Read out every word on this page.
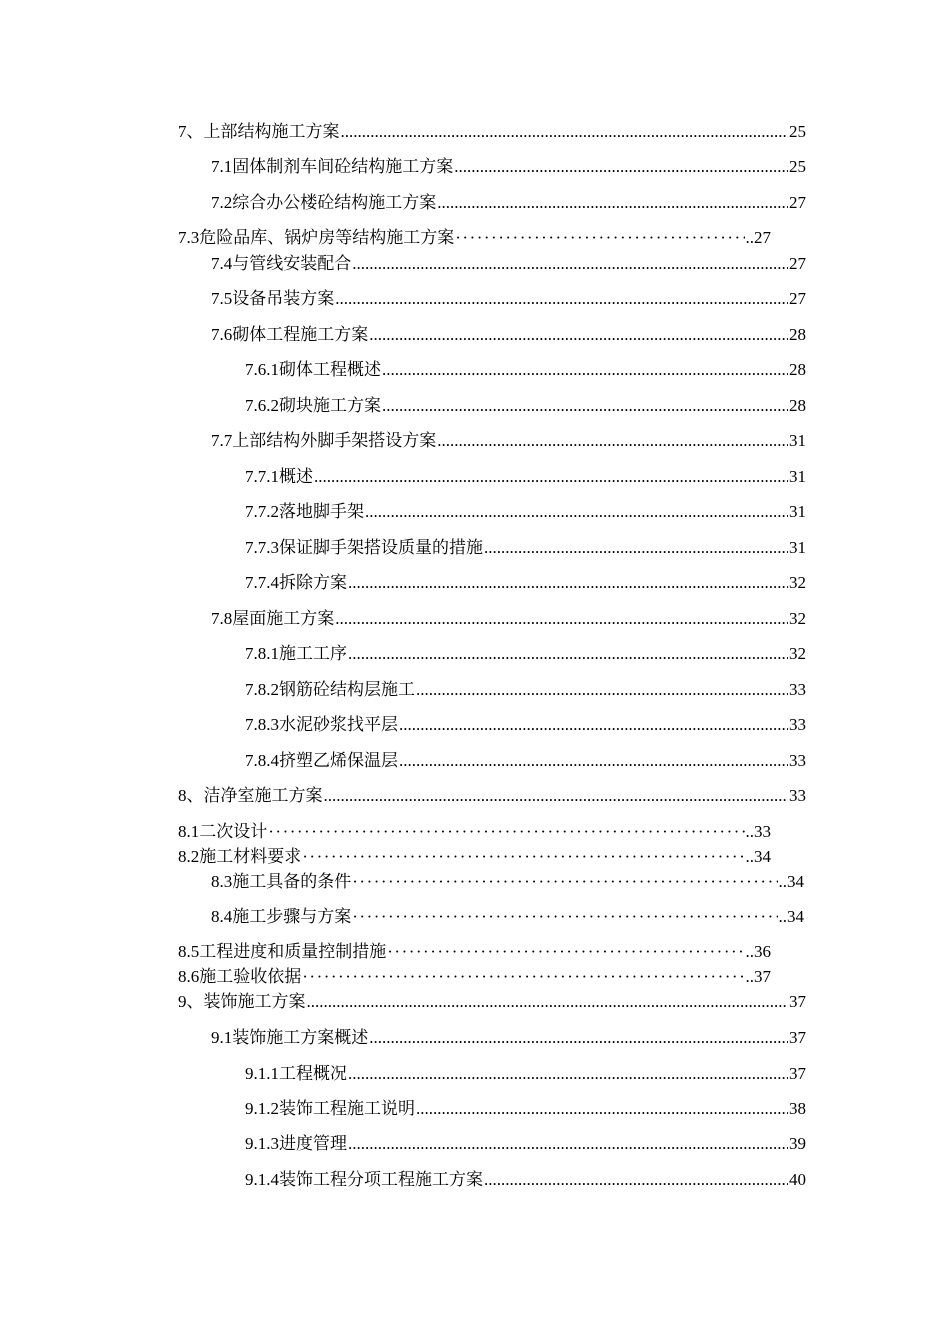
7、 上部结构施工方案 .....	25
7.1 固体制剂车间砼结构施工方案 .....	25
7.2 综合办公楼砼结构施工方案 .....	27
7.3 危险品库、锅炉房等结构施工方案 ·····	..27
7.4 与管线安装配合 .....	27
7.5 设备吊装方案 .....	27
7.6 砌体工程施工方案 .....	28
7.6.1 砌体工程概述 .....	28
7.6.2 砌块施工方案 .....	28
7.7 上部结构外脚手架搭设方案 .....	31
7.7.1 概述 .....	31
7.7.2 落地脚手架 .....	31
7.7.3 保证脚手架搭设质量的措施 .....	31
7.7.4 拆除方案 .....	32
7.8 屋面施工方案 .....	32
7.8.1 施工工序 .....	32
7.8.2 钢筋砼结构层施工 .....	33
7.8.3 水泥砂浆找平层 .....	33
7.8.4 挤塑乙烯保温层 .....	33
8、 洁净室施工方案 .....	33
8.1 二次设计 ·····	..33
8.2 施工材料要求 ·····	..34
8.3 施工具备的条件 ·····	..34
8.4 施工步骤与方案 ·····	..34
8.5 工程进度和质量控制措施 ·····	..36
8.6 施工验收依据 ·····	..37
9、 装饰施工方案 .....	37
9.1 装饰施工方案概述 .....	37
9.1.1 工程概况 .....	37
9.1.2 装饰工程施工说明 .....	38
9.1.3 进度管理 .....	39
9.1.4 装饰工程分项工程施工方案 .....	40
